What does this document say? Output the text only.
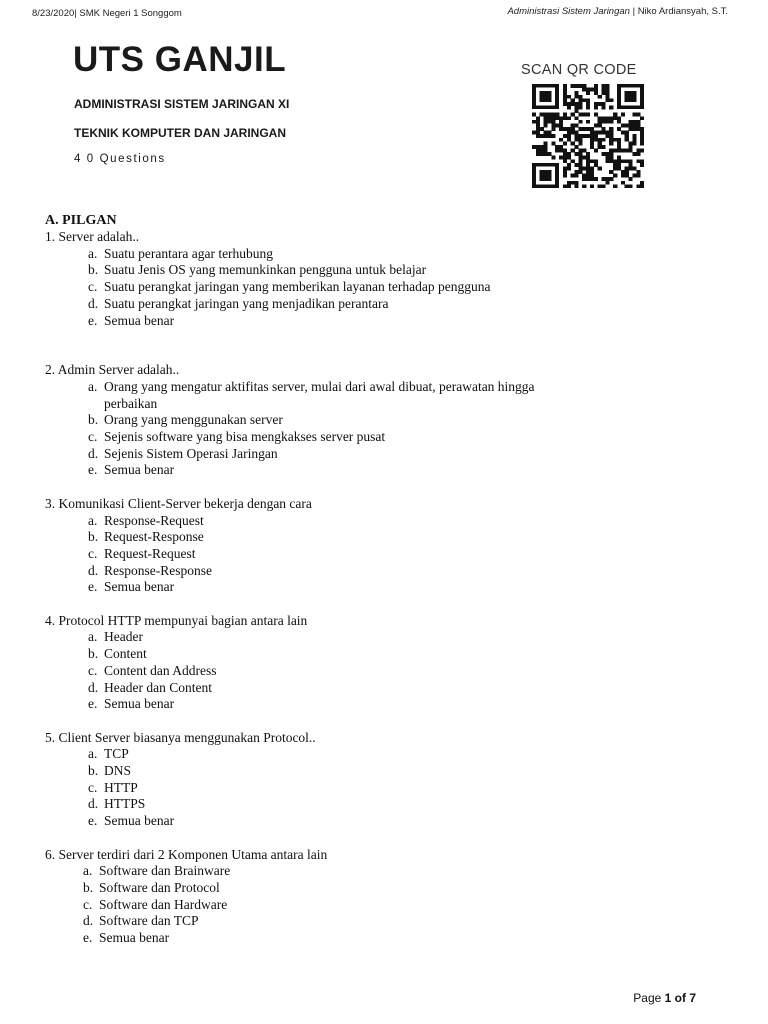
8/23/2020| SMK Negeri 1 Songgom	Administrasi Sistem Jaringan | Niko Ardiansyah, S.T.
UTS GANJIL
ADMINISTRASI SISTEM JARINGAN XI
TEKNIK KOMPUTER DAN JARINGAN
4 0 Questions
SCAN QR CODE
A. PILGAN
1. Server adalah..
a. Suatu perantara agar terhubung
b. Suatu Jenis OS yang memunkinkan pengguna untuk belajar
c. Suatu perangkat jaringan yang memberikan layanan terhadap pengguna
d. Suatu perangkat jaringan yang menjadikan perantara
e. Semua benar
2. Admin Server adalah..
a. Orang yang mengatur aktifitas server, mulai dari awal dibuat, perawatan hingga perbaikan
b. Orang yang menggunakan server
c. Sejenis software yang bisa mengkakses server pusat
d. Sejenis Sistem Operasi Jaringan
e. Semua benar
3. Komunikasi Client-Server bekerja dengan cara
a. Response-Request
b. Request-Response
c. Request-Request
d. Response-Response
e. Semua benar
4. Protocol HTTP mempunyai bagian antara lain
a. Header
b. Content
c. Content dan Address
d. Header dan Content
e. Semua benar
5. Client Server biasanya menggunakan Protocol..
a. TCP
b. DNS
c. HTTP
d. HTTPS
e. Semua benar
6. Server terdiri dari 2 Komponen Utama antara lain
a. Software dan Brainware
b. Software dan Protocol
c. Software dan Hardware
d. Software dan TCP
e. Semua benar
Page 1 of 7
